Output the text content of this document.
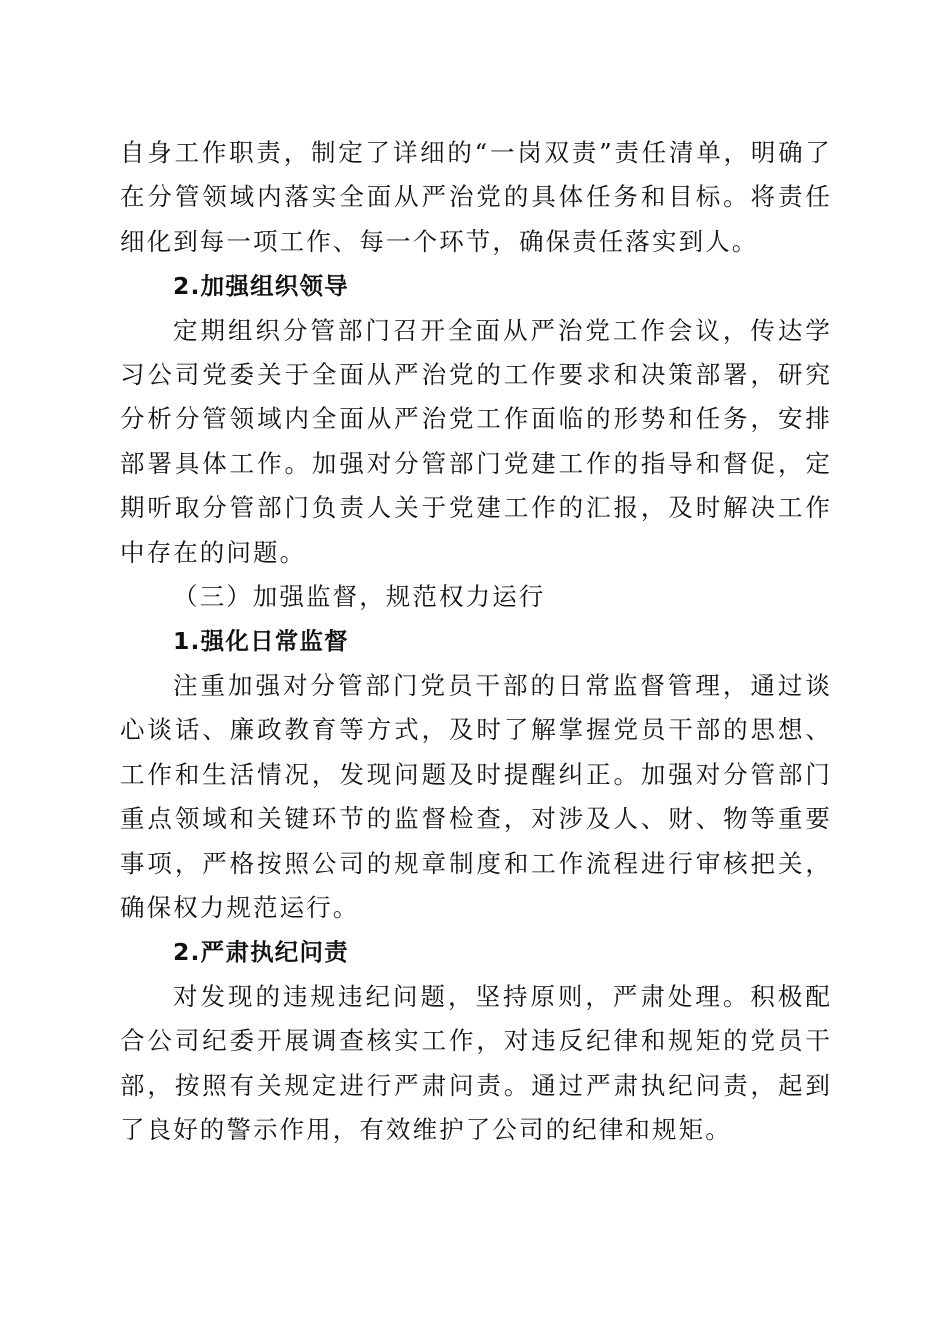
自身工作职责，制定了详细的“一岗双责”责任清单，明确了在分管领域内落实全面从严治党的具体任务和目标。将责任细化到每一项工作、每一个环节，确保责任落实到人。

2.加强组织领导

定期组织分管部门召开全面从严治党工作会议，传达学习公司党委关于全面从严治党的工作要求和决策部署，研究分析分管领域内全面从严治党工作面临的形势和任务，安排部署具体工作。加强对分管部门党建工作的指导和督促，定期听取分管部门负责人关于党建工作的汇报，及时解决工作中存在的问题。

（三）加强监督，规范权力运行

1.强化日常监督

注重加强对分管部门党员干部的日常监督管理，通过谈心谈话、廉政教育等方式，及时了解掌握党员干部的思想、工作和生活情况，发现问题及时提醒纠正。加强对分管部门重点领域和关键环节的监督检查，对涉及人、财、物等重要事项，严格按照公司的规章制度和工作流程进行审核把关，确保权力规范运行。

2.严肃执纪问责

对发现的违规违纪问题，坚持原则，严肃处理。积极配合公司纪委开展调查核实工作，对违反纪律和规矩的党员干部，按照有关规定进行严肃问责。通过严肃执纪问责，起到了良好的警示作用，有效维护了公司的纪律和规矩。
